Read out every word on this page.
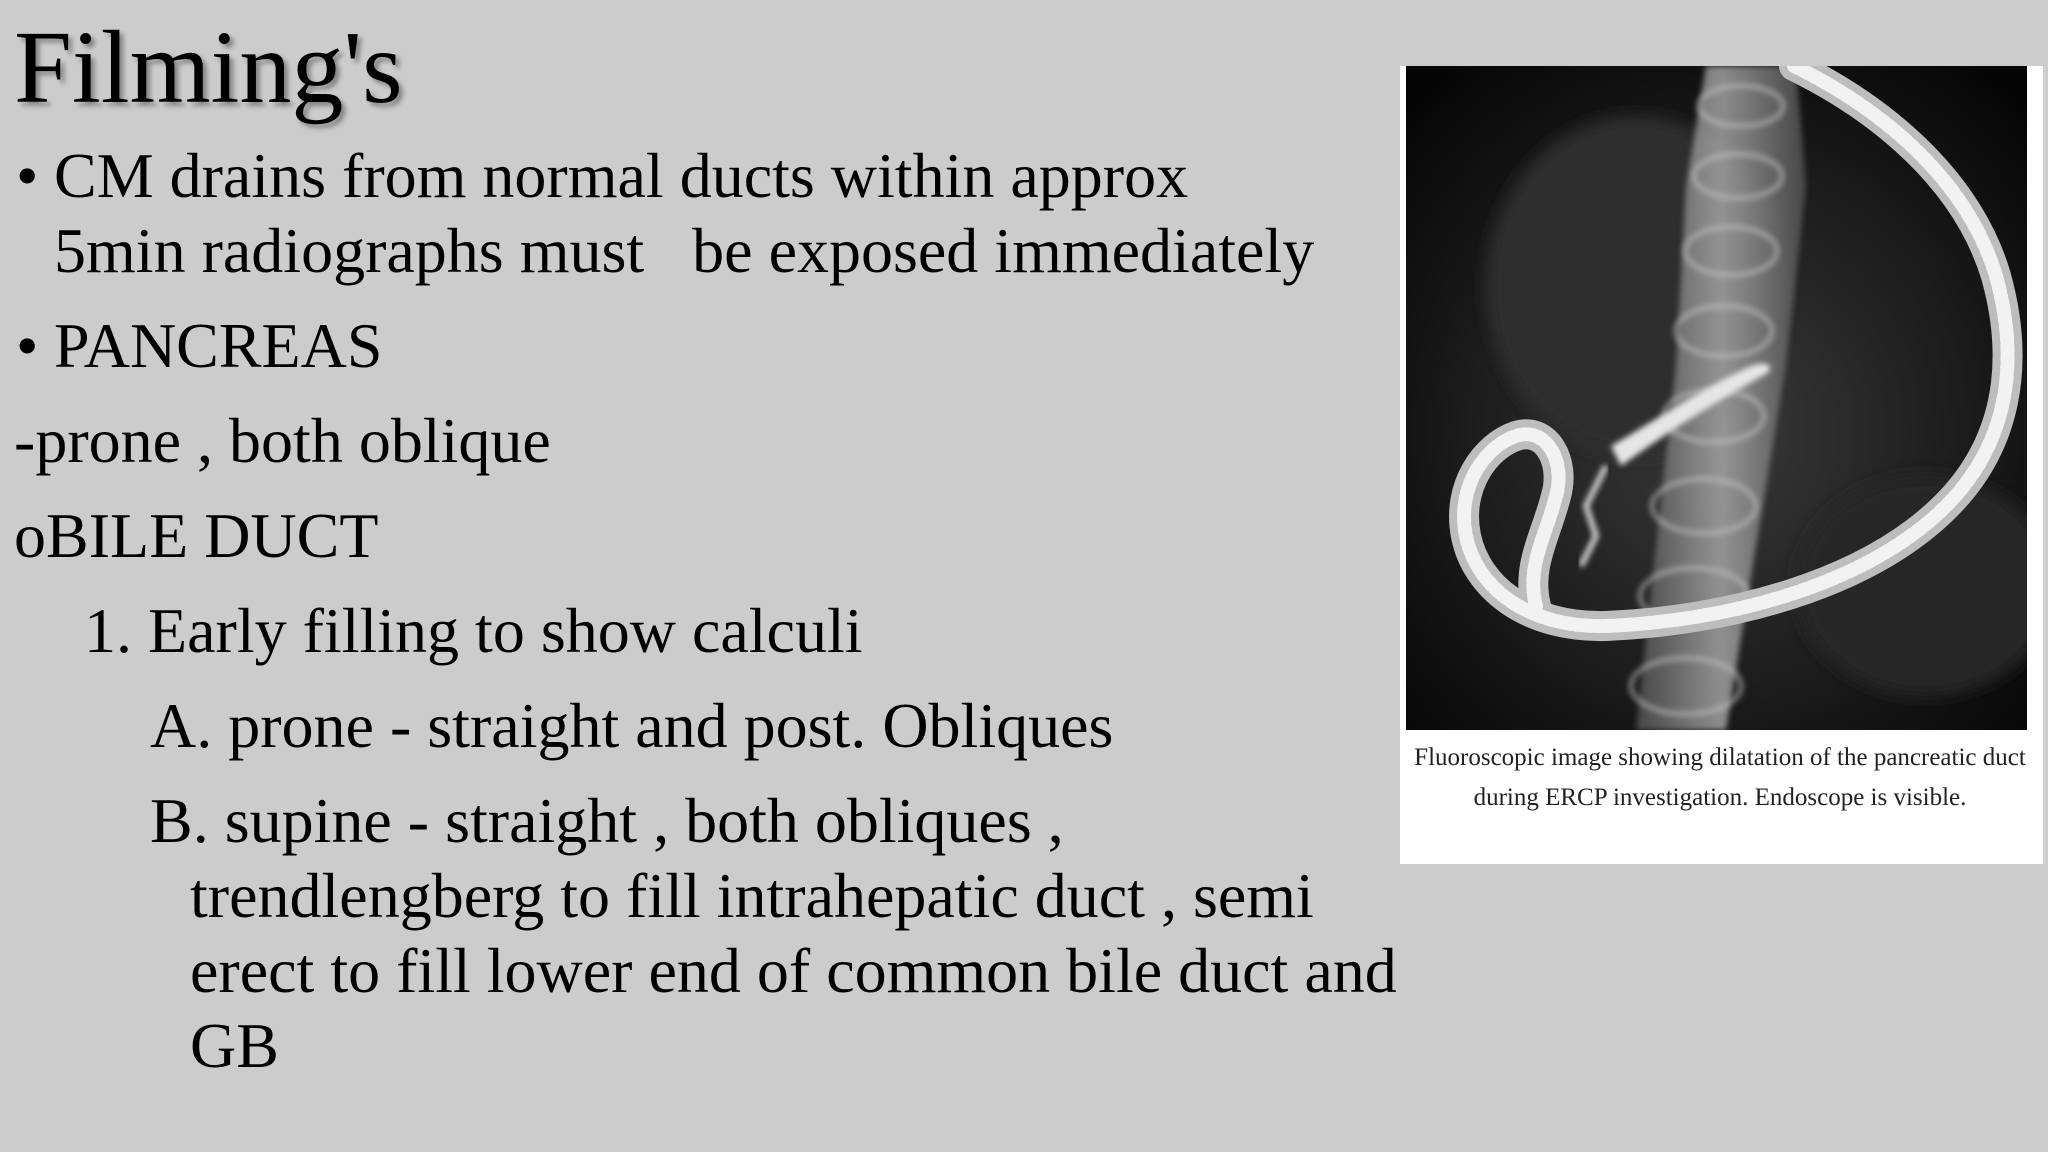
Filming's
• CM drains from normal ducts within approx
5min radiographs must be exposed immediately
• PANCREAS
-prone , both oblique
oBILE DUCT
1. Early filling to show calculi
A. prone - straight and post. Obliques
B. supine - straight , both obliques , trendlengberg to fill intrahepatic duct , semi erect to fill lower end of common bile duct and GB
Fluoroscopic image showing dilatation of the pancreatic duct during ERCP investigation. Endoscope is visible.
